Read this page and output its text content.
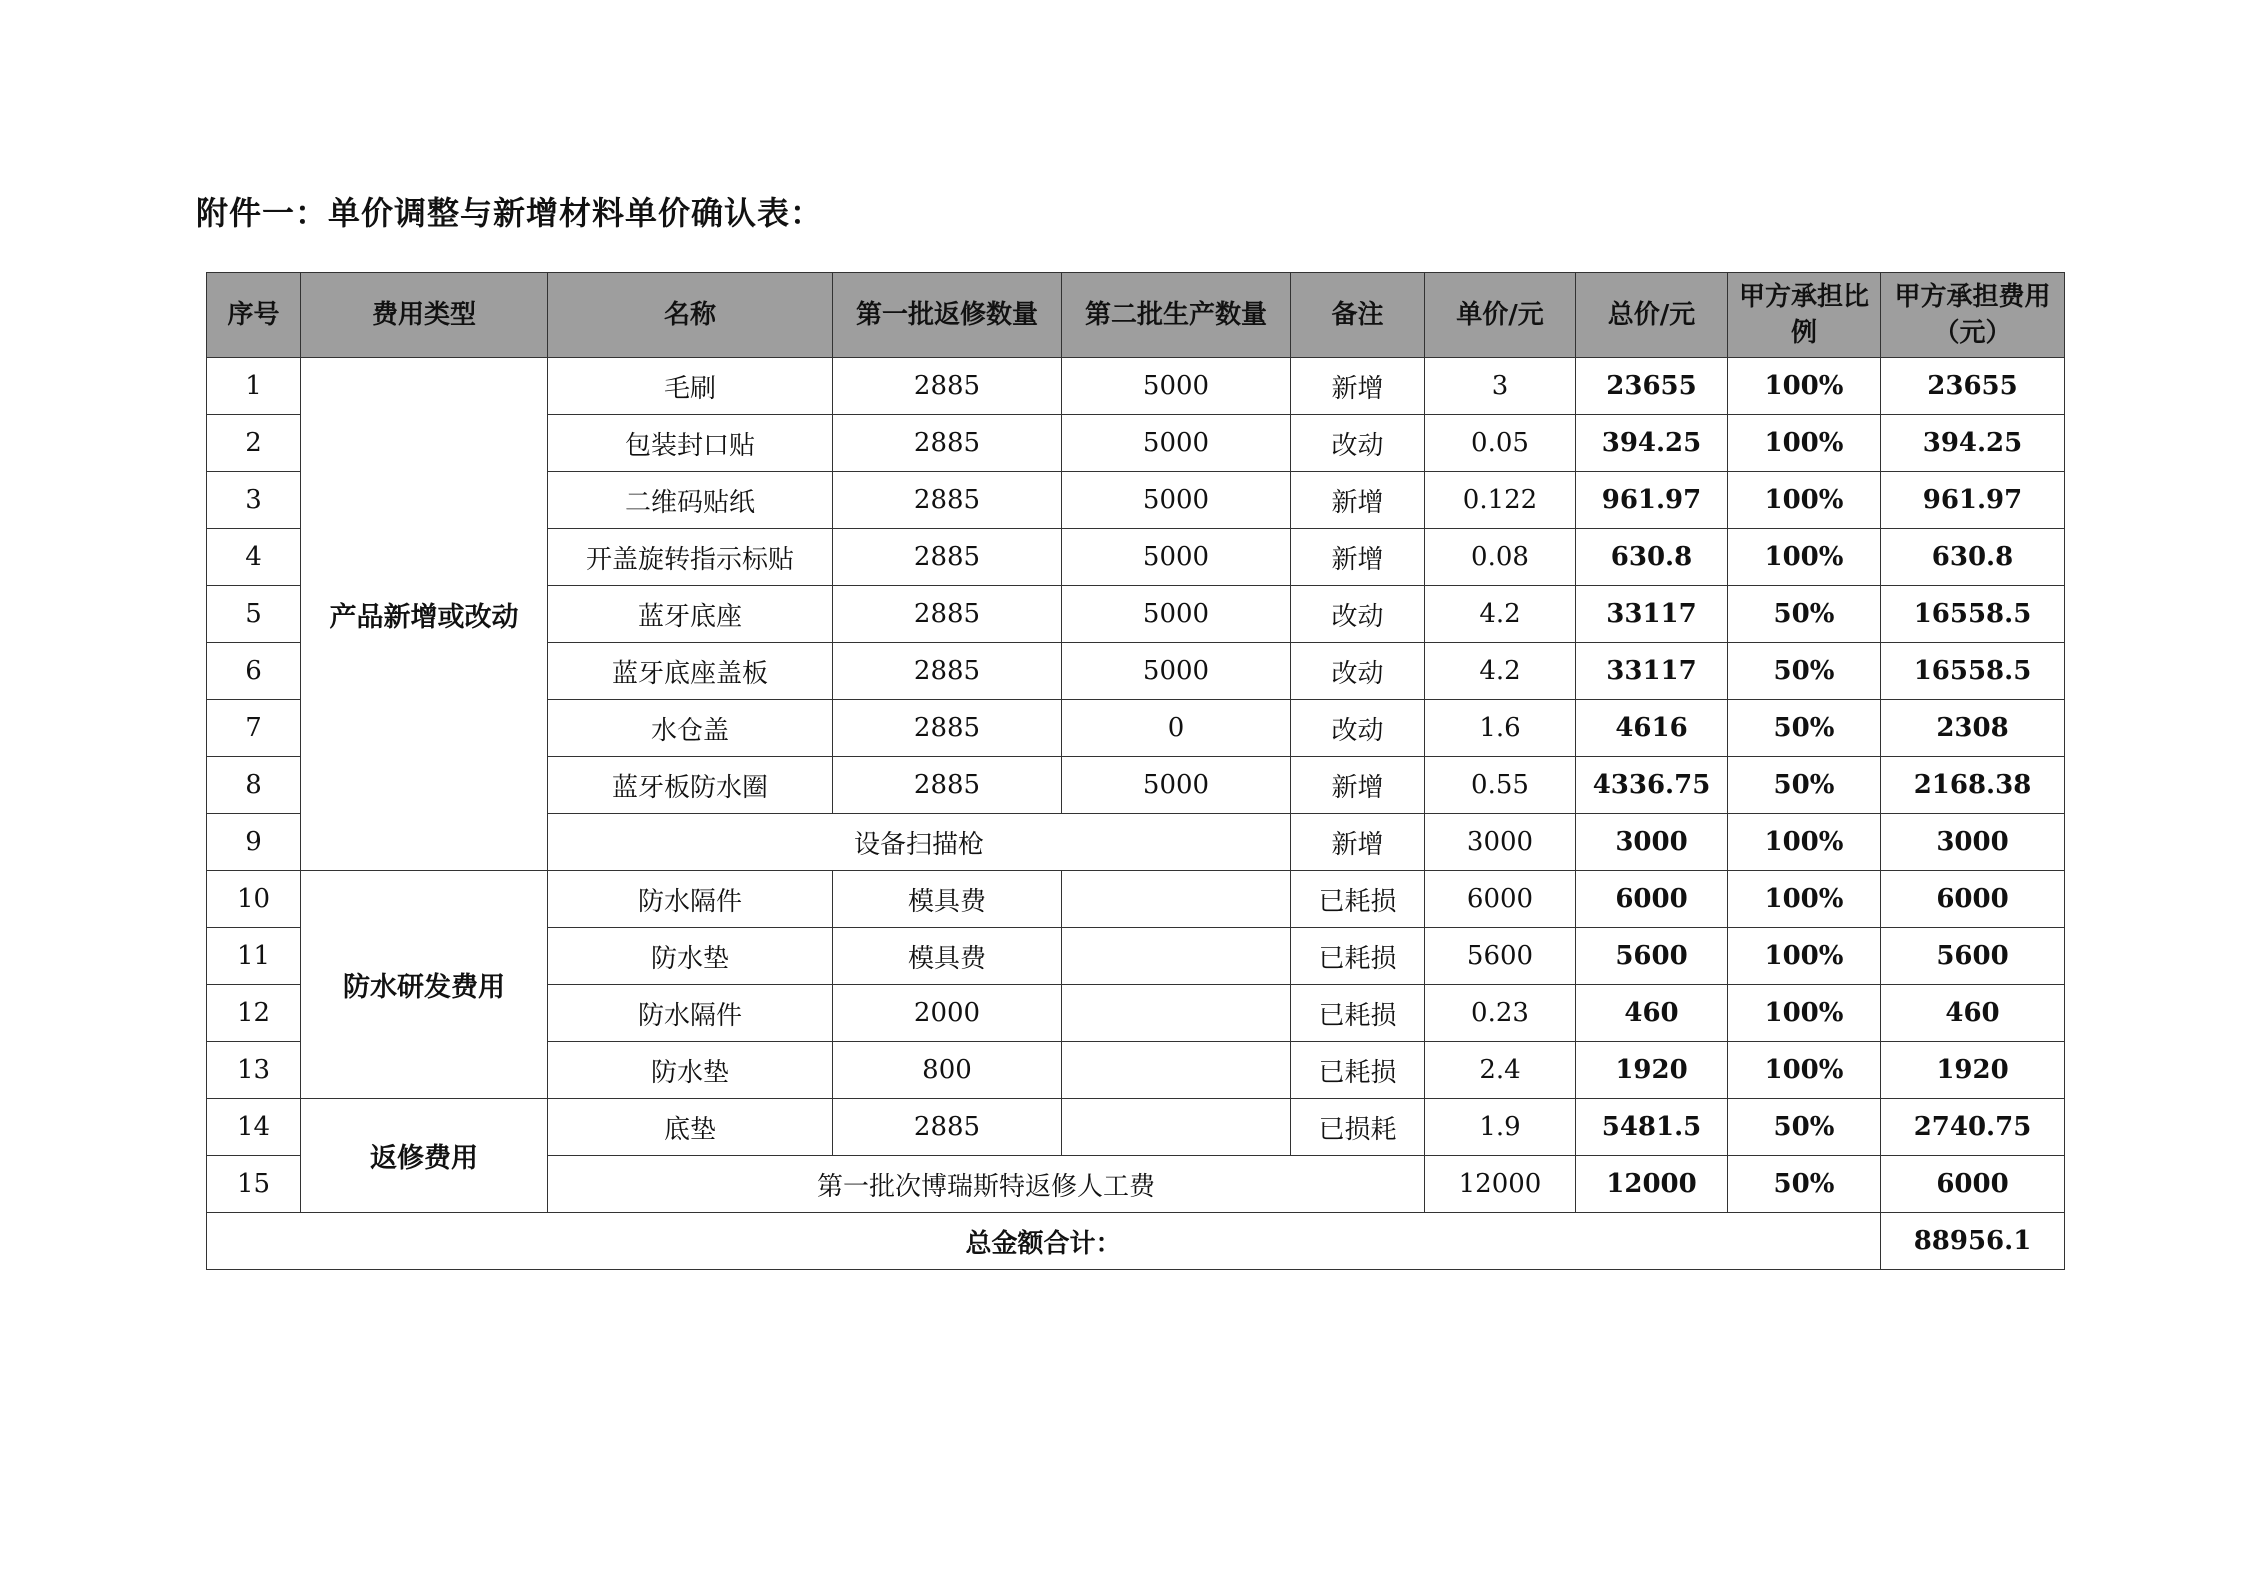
附件一：单价调整与新增材料单价确认表：
序号	费用类型	名称	第一批返修数量	第二批生产数量	备注	单价/元	总价/元	甲方承担比例	甲方承担费用（元）
1	产品新增或改动	毛刷	2885	5000	新增	3	23655	100%	23655
2		包装封口贴	2885	5000	改动	0.05	394.25	100%	394.25
3		二维码贴纸	2885	5000	新增	0.122	961.97	100%	961.97
4		开盖旋转指示标贴	2885	5000	新增	0.08	630.8	100%	630.8
5		蓝牙底座	2885	5000	改动	4.2	33117	50%	16558.5
6		蓝牙底座盖板	2885	5000	改动	4.2	33117	50%	16558.5
7		水仓盖	2885	0	改动	1.6	4616	50%	2308
8		蓝牙板防水圈	2885	5000	新增	0.55	4336.75	50%	2168.38
9		设备扫描枪			新增	3000	3000	100%	3000
10	防水研发费用	防水隔件	模具费		已耗损	6000	6000	100%	6000
11		防水垫	模具费		已耗损	5600	5600	100%	5600
12		防水隔件	2000		已耗损	0.23	460	100%	460
13		防水垫	800		已耗损	2.4	1920	100%	1920
14	返修费用	底垫	2885		已损耗	1.9	5481.5	50%	2740.75
15		第一批次博瑞斯特返修人工费				12000	12000	50%	6000
总金额合计：									88956.1
